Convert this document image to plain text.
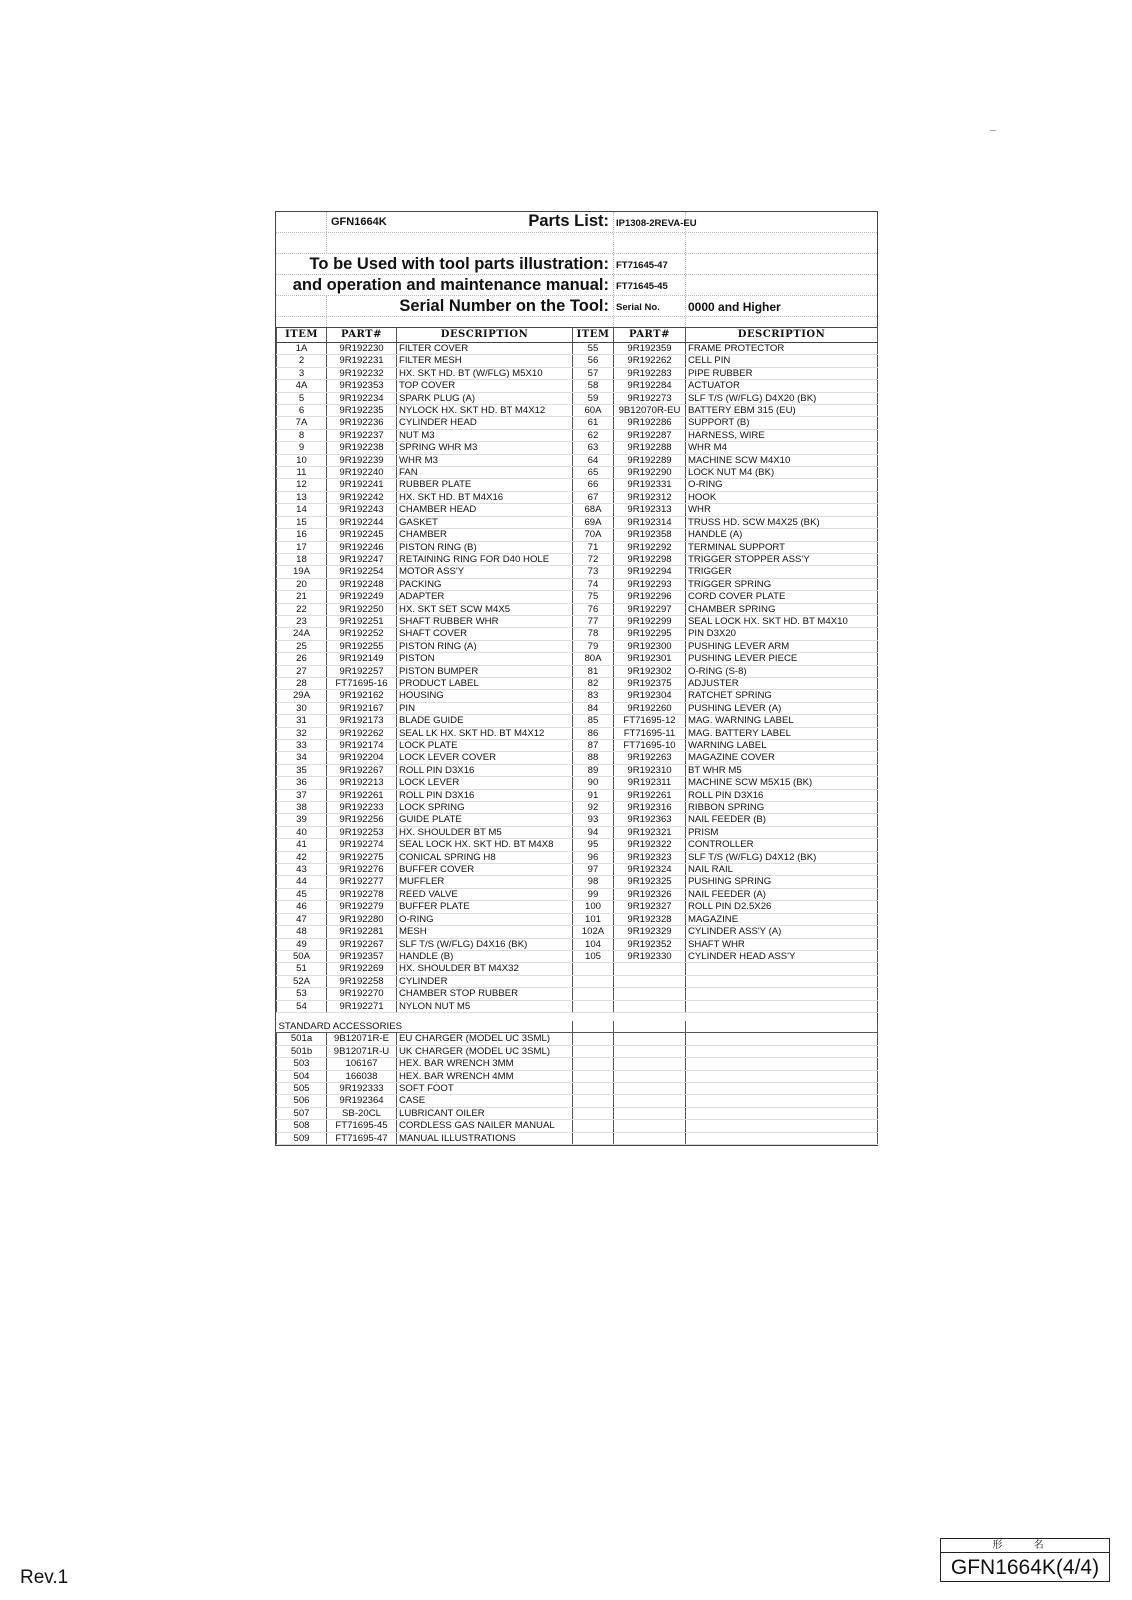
GFN1664K	Parts List: IP1308-2REVA-EU
To be Used with tool parts illustration: FT71645-47
and operation and maintenance manual: FT71645-45
Serial Number on the Tool: Serial No. 0000 and Higher
ITEM	PART#	DESCRIPTION	ITEM	PART#	DESCRIPTION
1A	9R192230	FILTER COVER	55	9R192359	FRAME PROTECTOR
2	9R192231	FILTER MESH	56	9R192262	CELL PIN
3	9R192232	HX. SKT HD. BT (W/FLG) M5X10	57	9R192283	PIPE RUBBER
4A	9R192353	TOP COVER	58	9R192284	ACTUATOR
5	9R192234	SPARK PLUG (A)	59	9R192273	SLF T/S (W/FLG) D4X20 (BK)
6	9R192235	NYLOCK HX. SKT HD. BT M4X12	60A	9B12070R-EU	BATTERY EBM 315 (EU)
7A	9R192236	CYLINDER HEAD	61	9R192286	SUPPORT (B)
8	9R192237	NUT M3	62	9R192287	HARNESS, WIRE
9	9R192238	SPRING WHR M3	63	9R192288	WHR M4
10	9R192239	WHR M3	64	9R192289	MACHINE SCW M4X10
11	9R192240	FAN	65	9R192290	LOCK NUT M4 (BK)
12	9R192241	RUBBER PLATE	66	9R192331	O-RING
13	9R192242	HX. SKT HD. BT M4X16	67	9R192312	HOOK
14	9R192243	CHAMBER HEAD	68A	9R192313	WHR
15	9R192244	GASKET	69A	9R192314	TRUSS HD. SCW M4X25 (BK)
16	9R192245	CHAMBER	70A	9R192358	HANDLE (A)
17	9R192246	PISTON RING (B)	71	9R192292	TERMINAL SUPPORT
18	9R192247	RETAINING RING FOR D40 HOLE	72	9R192298	TRIGGER STOPPER ASS'Y
19A	9R192254	MOTOR ASS'Y	73	9R192294	TRIGGER
20	9R192248	PACKING	74	9R192293	TRIGGER SPRING
21	9R192249	ADAPTER	75	9R192296	CORD COVER PLATE
22	9R192250	HX. SKT SET SCW M4X5	76	9R192297	CHAMBER SPRING
23	9R192251	SHAFT RUBBER WHR	77	9R192299	SEAL LOCK HX. SKT HD. BT M4X10
24A	9R192252	SHAFT COVER	78	9R192295	PIN D3X20
25	9R192255	PISTON RING (A)	79	9R192300	PUSHING LEVER ARM
26	9R192149	PISTON	80A	9R192301	PUSHING LEVER PIECE
27	9R192257	PISTON BUMPER	81	9R192302	O-RING (S-8)
28	FT71695-16	PRODUCT LABEL	82	9R192375	ADJUSTER
29A	9R192162	HOUSING	83	9R192304	RATCHET SPRING
30	9R192167	PIN	84	9R192260	PUSHING LEVER (A)
31	9R192173	BLADE GUIDE	85	FT71695-12	MAG. WARNING LABEL
32	9R192262	SEAL LK HX. SKT HD. BT M4X12	86	FT71695-11	MAG. BATTERY LABEL
33	9R192174	LOCK PLATE	87	FT71695-10	WARNING LABEL
34	9R192204	LOCK LEVER COVER	88	9R192263	MAGAZINE COVER
35	9R192267	ROLL PIN D3X16	89	9R192310	BT WHR M5
36	9R192213	LOCK LEVER	90	9R192311	MACHINE SCW M5X15 (BK)
37	9R192261	ROLL PIN D3X16	91	9R192261	ROLL PIN D3X16
38	9R192233	LOCK SPRING	92	9R192316	RIBBON SPRING
39	9R192256	GUIDE PLATE	93	9R192363	NAIL FEEDER (B)
40	9R192253	HX. SHOULDER BT M5	94	9R192321	PRISM
41	9R192274	SEAL LOCK HX. SKT HD. BT M4X8	95	9R192322	CONTROLLER
42	9R192275	CONICAL SPRING H8	96	9R192323	SLF T/S (W/FLG) D4X12 (BK)
43	9R192276	BUFFER COVER	97	9R192324	NAIL RAIL
44	9R192277	MUFFLER	98	9R192325	PUSHING SPRING
45	9R192278	REED VALVE	99	9R192326	NAIL FEEDER (A)
46	9R192279	BUFFER PLATE	100	9R192327	ROLL PIN D2.5X26
47	9R192280	O-RING	101	9R192328	MAGAZINE
48	9R192281	MESH	102A	9R192329	CYLINDER ASS'Y (A)
49	9R192267	SLF T/S (W/FLG) D4X16 (BK)	104	9R192352	SHAFT WHR
50A	9R192357	HANDLE (B)	105	9R192330	CYLINDER HEAD ASS'Y
51	9R192269	HX. SHOULDER BT M4X32			
52A	9R192258	CYLINDER			
53	9R192270	CHAMBER STOP RUBBER			
54	9R192271	NYLON NUT M5			

STANDARD ACCESSORIES					
501a	9B12071R-E	EU CHARGER (MODEL UC 3SML)			
501b	9B12071R-U	UK CHARGER (MODEL UC 3SML)			
503	106167	HEX. BAR WRENCH 3MM			
504	166038	HEX. BAR WRENCH 4MM			
505	9R192333	SOFT FOOT			
506	9R192364	CASE			
507	SB-20CL	LUBRICANT OILER			
508	FT71695-45	CORDLESS GAS NAILER MANUAL			
509	FT71695-47	MANUAL ILLUSTRATIONS			
Rev.1
形 名
GFN1664K(4/4)
